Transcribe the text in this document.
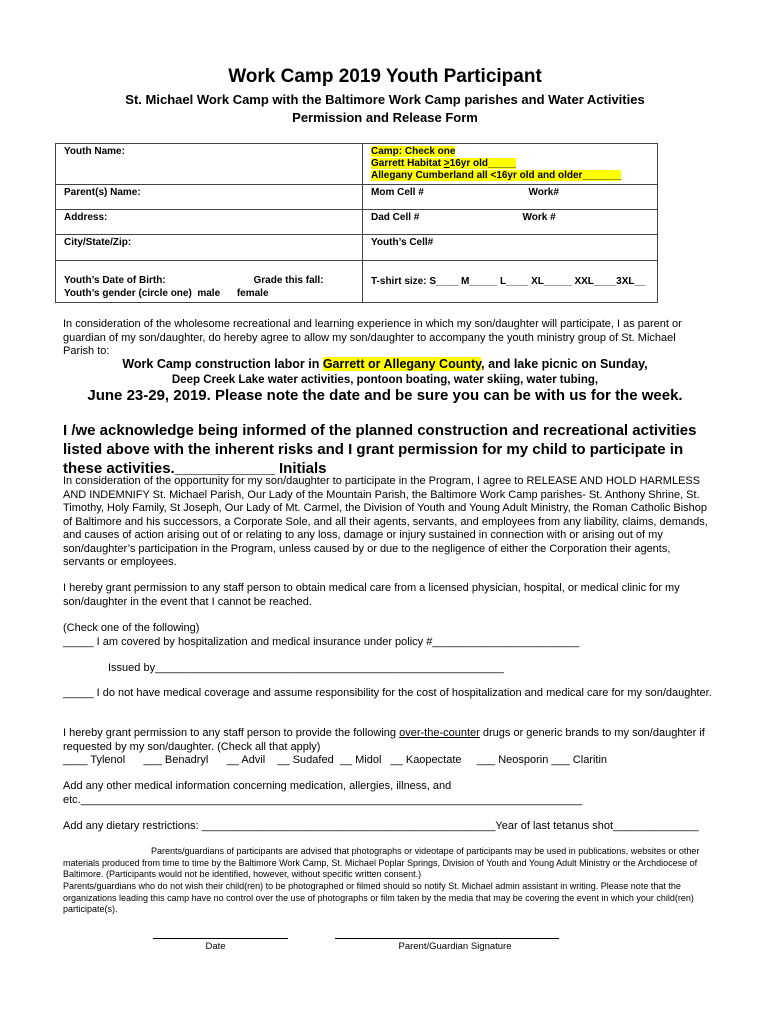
Work Camp 2019 Youth Participant
St. Michael Work Camp with the Baltimore Work Camp parishes and Water Activities
Permission and Release Form
Youth Name:	Camp: Check one
Garrett Habitat >16yr old_____
Allegany Cumberland all <16yr old and older_______
Parent(s) Name:	Mom Cell # Work#

Address:	Dad Cell # Work #

City/State/Zip:	Youth’s Cell#
Youth’s Date of Birth: Grade this fall:

Youth’s gender (circle one)  male      female	T-shirt size: S____ M_____ L____ XL_____ XXL____3XL__
In consideration of the wholesome recreational and learning experience in which my son/daughter will participate, I as parent or guardian of my son/daughter, do hereby agree to allow my son/daughter to accompany the youth ministry group of St. Michael Parish to:
Work Camp construction labor in Garrett or Allegany County, and lake picnic on Sunday,
Deep Creek Lake water activities, pontoon boating, water skiing, water tubing,
June 23-29, 2019. Please note the date and be sure you can be with us for the week.
I /we acknowledge being informed of the planned construction and recreational activities listed above with the inherent risks and I grant permission for my child to participate in these activities.____________ Initials
In consideration of the opportunity for my son/daughter to participate in the Program, I agree to RELEASE AND HOLD HARMLESS AND INDEMNIFY St. Michael Parish, Our Lady of the Mountain Parish, the Baltimore Work Camp parishes- St. Anthony Shrine, St. Timothy, Holy Family, St Joseph, Our Lady of Mt. Carmel, the Division of Youth and Young Adult Ministry, the Roman Catholic Bishop of Baltimore and his successors, a Corporate Sole, and all their agents, servants, and employees from any liability, claims, demands, and causes of action arising out of or relating to any loss, damage or injury sustained in connection with or arising out of my son/daughter’s participation in the Program, unless caused by or due to the negligence of either the Corporation their agents, servants or employees.
I hereby grant permission to any staff person to obtain medical care from a licensed physician, hospital, or medical clinic for my son/daughter in the event that I cannot be reached.
(Check one of the following)
_____ I am covered by hospitalization and medical insurance under policy #________________________
Issued by_________________________________________________________
_____ I do not have medical coverage and assume responsibility for the cost of hospitalization and medical care for my son/daughter.
I hereby grant permission to any staff person to provide the following over-the-counter drugs or generic brands to my son/daughter if requested by my son/daughter. (Check all that apply)
____ Tylenol      ___ Benadryl      __ Advil    __ Sudafed  __ Midol   __ Kaopectate     ___ Neosporin ___ Claritin
Add any other medical information concerning medication, allergies, illness, and etc.__________________________________________________________________________________
Add any dietary restrictions: ________________________________________________Year of last tetanus shot______________
Parents/guardians of participants are advised that photographs or videotape of participants may be used in publications, websites or other materials produced from time to time by the Baltimore Work Camp, St. Michael Poplar Springs, Division of Youth and Young Adult Ministry or the Archdiocese of Baltimore. (Participants would not be identified, however, without specific written consent.)
Parents/guardians who do not wish their child(ren) to be photographed or filmed should so notify St. Michael admin assistant in writing. Please note that the organizations leading this camp have no control over the use of photographs or film taken by the media that may be covering the event in which your child(ren) participate(s).
Date	Parent/Guardian Signature
